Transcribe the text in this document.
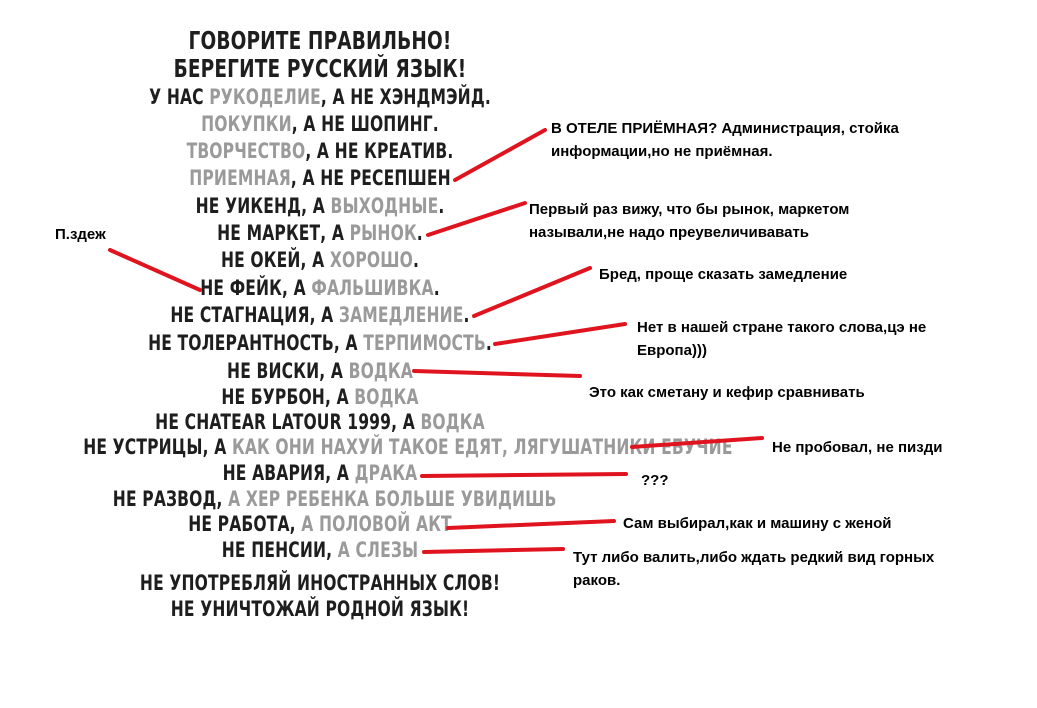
ГОВОРИТЕ ПРАВИЛЬНО!
БЕРЕГИТЕ РУССКИЙ ЯЗЫК!
У НАС РУКОДЕЛИЕ, А НЕ ХЭНДМЭЙД.
ПОКУПКИ, А НЕ ШОПИНГ.
ТВОРЧЕСТВО, А НЕ КРЕАТИВ.
ПРИЕМНАЯ, А НЕ РЕСЕПШЕН
НЕ УИКЕНД, А ВЫХОДНЫЕ.
НЕ МАРКЕТ, А РЫНОК.
НЕ ОКЕЙ, А ХОРОШО.
НЕ ФЕЙК, А ФАЛЬШИВКА.
НЕ СТАГНАЦИЯ, А ЗАМЕДЛЕНИЕ.
НЕ ТОЛЕРАНТНОСТЬ, А ТЕРПИМОСТЬ.
НЕ ВИСКИ, А ВОДКА
НЕ БУРБОН, А ВОДКА
НЕ CHATEAR LATOUR 1999, А ВОДКА
НЕ УСТРИЦЫ, А КАК ОНИ НАХУЙ ТАКОЕ ЕДЯТ, ЛЯГУШАТНИКИ ЕБУЧИЕ
НЕ АВАРИЯ, А ДРАКА
НЕ РАЗВОД, А ХЕР РЕБЕНКА БОЛЬШЕ УВИДИШЬ
НЕ РАБОТА, А ПОЛОВОЙ АКТ
НЕ ПЕНСИИ, А СЛЕЗЫ
НЕ УПОТРЕБЛЯЙ ИНОСТРАННЫХ СЛОВ!
НЕ УНИЧТОЖАЙ РОДНОЙ ЯЗЫК!
П.здеж
В ОТЕЛЕ ПРИЁМНАЯ? Администрация, стойка
информации,но не приёмная.
Первый раз вижу, что бы рынок, маркетом
называли,не надо преувеличивавать
Бред, проще сказать замедление
Нет в нашей стране такого слова,цэ не
Европа)))
Это как сметану и кефир сравнивать
Не пробовал, не пизди
???
Сам выбирал,как и машину с женой
Тут либо валить,либо ждать редкий вид горных
раков.
